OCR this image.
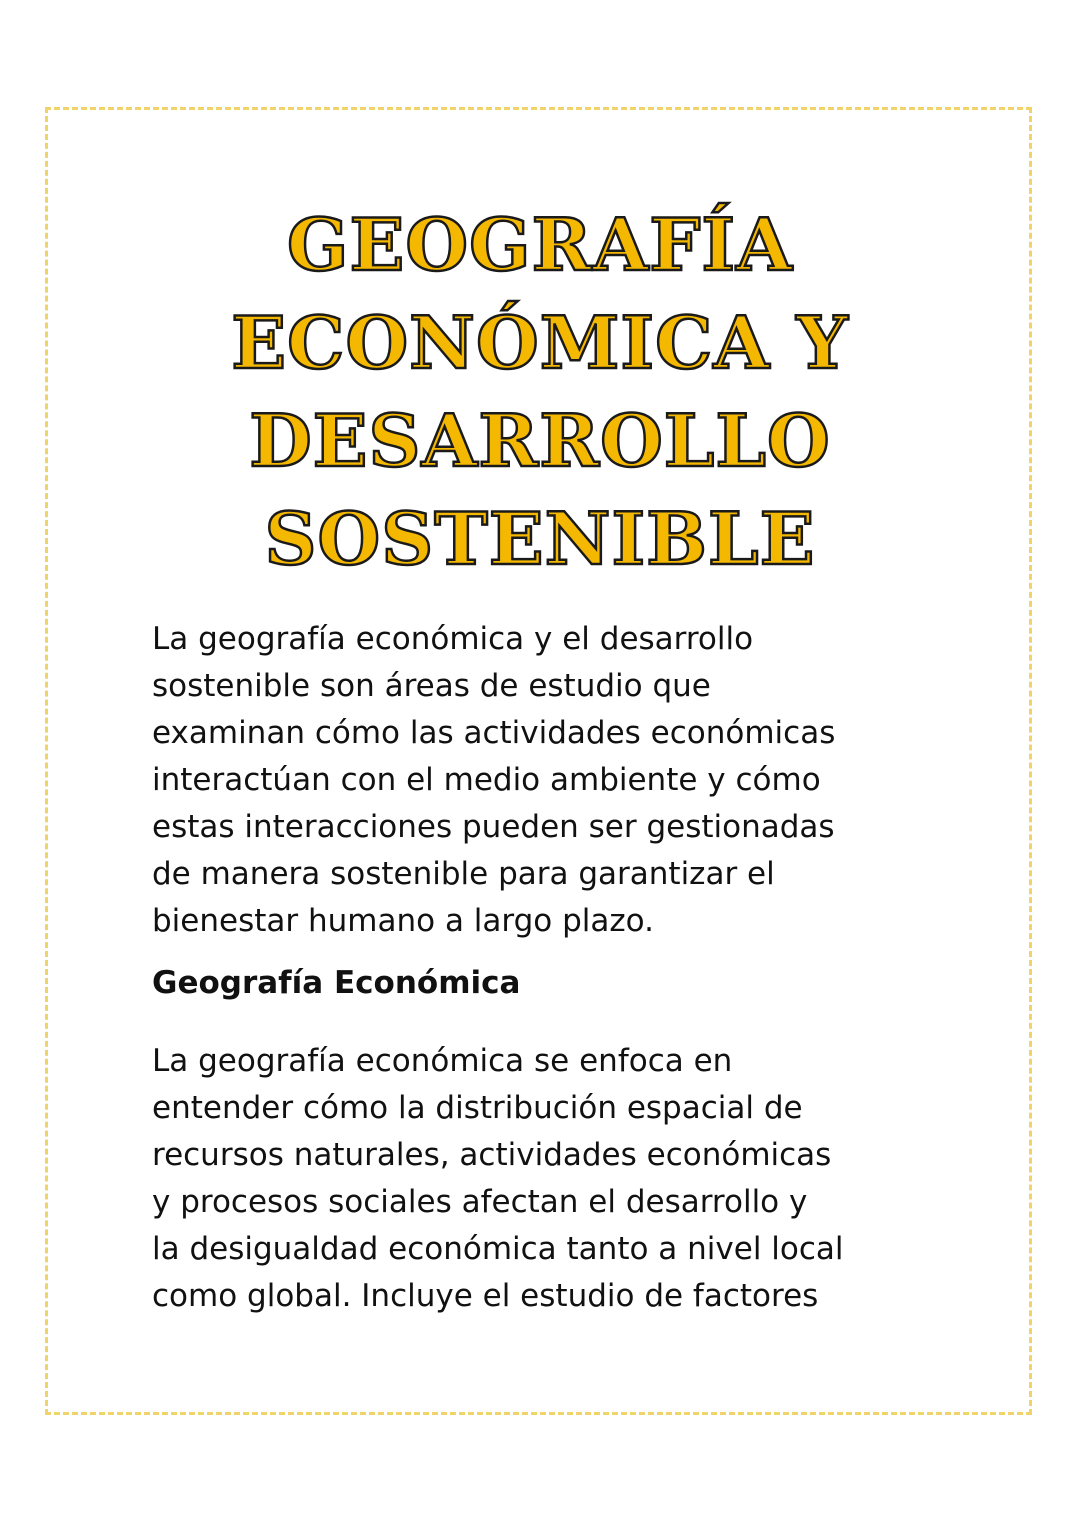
GEOGRAFÍA
ECONÓMICA Y
DESARROLLO
SOSTENIBLE
La geografía económica y el desarrollo
sostenible son áreas de estudio que
examinan cómo las actividades económicas
interactúan con el medio ambiente y cómo
estas interacciones pueden ser gestionadas
de manera sostenible para garantizar el
bienestar humano a largo plazo.
Geografía Económica
La geografía económica se enfoca en
entender cómo la distribución espacial de
recursos naturales, actividades económicas
y procesos sociales afectan el desarrollo y
la desigualdad económica tanto a nivel local
como global. Incluye el estudio de factores
